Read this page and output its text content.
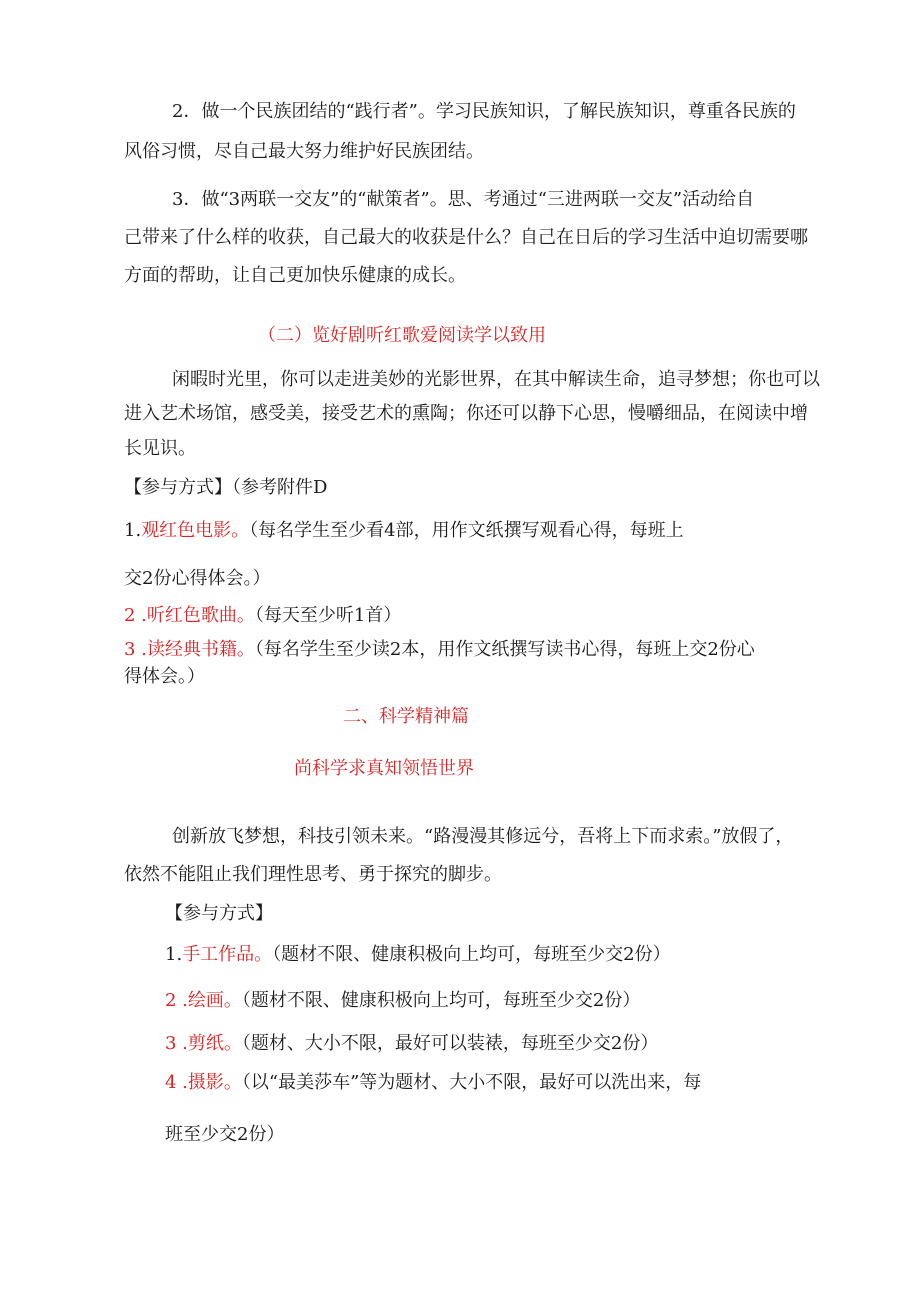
2．做一个民族团结的“践行者”。学习民族知识，了解民族知识，尊重各民族的
风俗习惯，尽自己最大努力维护好民族团结。
3．做“3两联一交友”的“献策者”。思、考通过“三进两联一交友”活动给自
己带来了什么样的收获，自己最大的收获是什么？自己在日后的学习生活中迫切需要哪
方面的帮助，让自己更加快乐健康的成长。
（二）览好剧听红歌爱阅读学以致用
闲暇时光里，你可以走进美妙的光影世界，在其中解读生命，追寻梦想；你也可以
进入艺术场馆，感受美，接受艺术的熏陶；你还可以静下心思，慢嚼细品，在阅读中增
长见识。
【参与方式】（参考附件D
1.观红色电影。（每名学生至少看4部，用作文纸撰写观看心得，每班上
交2份心得体会。）
2 .听红色歌曲。（每天至少听1首）
3 .读经典书籍。（每名学生至少读2本，用作文纸撰写读书心得，每班上交2份心
得体会。）
二、科学精神篇
尚科学求真知领悟世界
创新放飞梦想，科技引领未来。“路漫漫其修远兮，吾将上下而求索。”放假了，
依然不能阻止我们理性思考、勇于探究的脚步。
【参与方式】
1.手工作品。（题材不限、健康积极向上均可，每班至少交2份）
2 .绘画。（题材不限、健康积极向上均可，每班至少交2份）
3 .剪纸。（题材、大小不限，最好可以装裱，每班至少交2份）
4 .摄影。（以“最美莎车”等为题材、大小不限，最好可以洗出来，每
班至少交2份）
